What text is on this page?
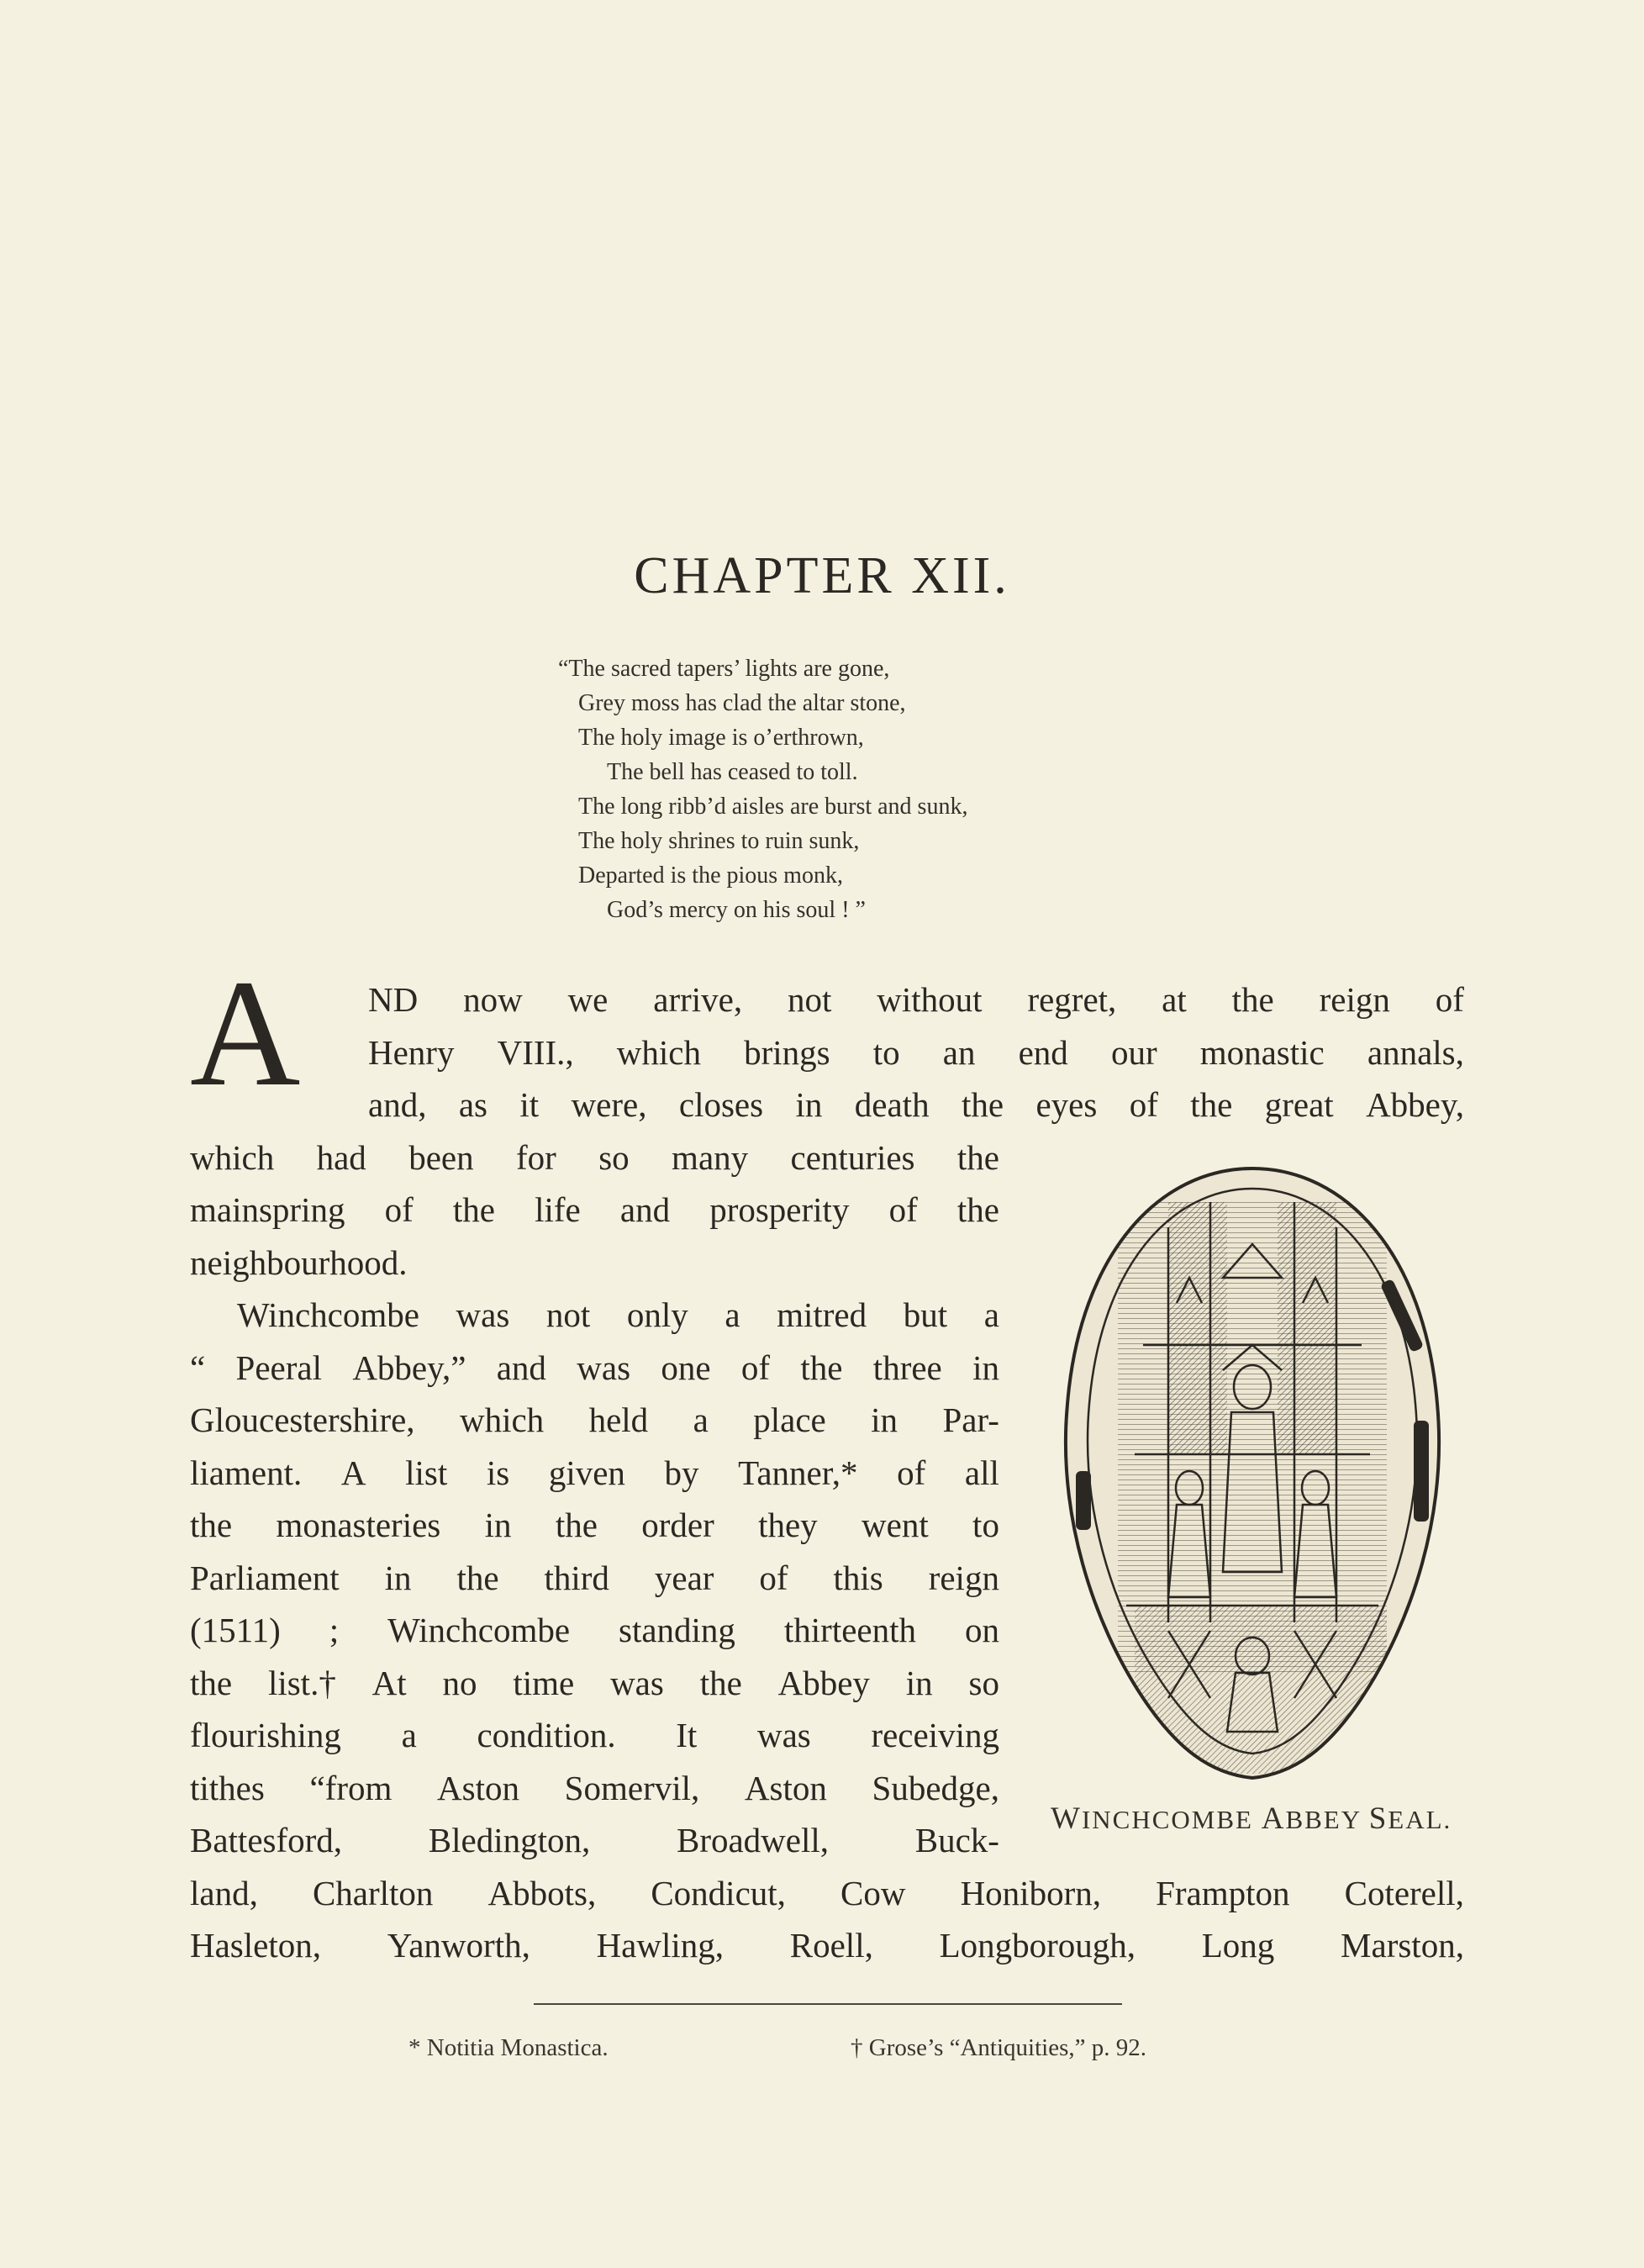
CHAPTER XII.
“The sacred tapers’ lights are gone,
Grey moss has clad the altar stone,
The holy image is o’erthrown,
The bell has ceased to toll.
The long ribb’d aisles are burst and sunk,
The holy shrines to ruin sunk,
Departed is the pious monk,
God’s mercy on his soul ! ”
A	ND now we arrive, not without regret, at the reign of
Henry VIII., which brings to an end our monastic annals,
and, as it were, closes in death the eyes of the great Abbey,
which had been for so many centuries the
mainspring of the life and prosperity of the
neighbourhood.
Winchcombe was not only a mitred but a
“ Peeral Abbey,” and was one of the three in
Gloucestershire, which held a place in Par-
liament. A list is given by Tanner,* of all
the monasteries in the order they went to
Parliament in the third year of this reign
(1511) ; Winchcombe standing thirteenth on
the list.† At no time was the Abbey in so
flourishing a condition. It was receiving
tithes “from Aston Somervil, Aston Subedge,
Battesford,	Bledington,	Broadwell,	Buck-
land, Charlton Abbots, Condicut, Cow Honiborn, Frampton Coterell,
Hasleton, Yanworth, Hawling, Roell, Longborough, Long Marston,
WINCHCOMBE ABBEY SEAL.
* Notitia Monastica.	† Grose’s “Antiquities,” p. 92.
